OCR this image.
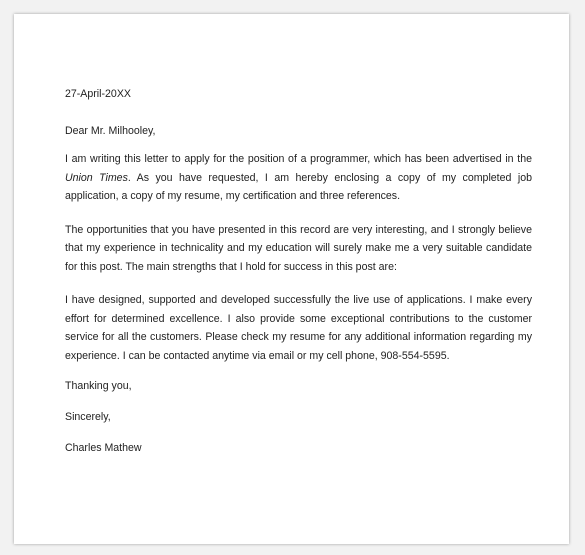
27-April-20XX

Dear Mr. Milhooley,

I am writing this letter to apply for the position of a programmer, which has been advertised in the Union Times. As you have requested, I am hereby enclosing a copy of my completed job application, a copy of my resume, my certification and three references.

The opportunities that you have presented in this record are very interesting, and I strongly believe that my experience in technicality and my education will surely make me a very suitable candidate for this post. The main strengths that I hold for success in this post are:

I have designed, supported and developed successfully the live use of applications. I make every effort for determined excellence. I also provide some exceptional contributions to the customer service for all the customers. Please check my resume for any additional information regarding my experience. I can be contacted anytime via email or my cell phone, 908-554-5595.

Thanking you,

Sincerely,

Charles Mathew
